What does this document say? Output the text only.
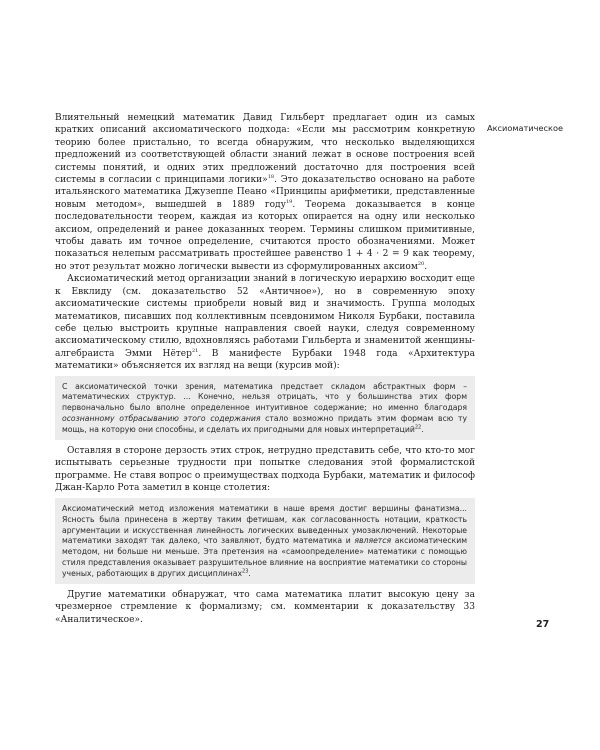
Аксиоматическое

Влиятельный немецкий математик Давид Гильберт предлагает один из самых кратких описаний аксиоматического подхода: «Если мы рассмотрим конкретную теорию более пристально, то всегда обнаружим, что несколько выделяющихся предложений из соответствующей области знаний лежат в основе построения всей системы понятий, и одних этих предложений достаточно для построения всей системы в согласии с принципами логики»$^{18}$. Это доказательство основано на работе итальянского математика Джузеппе Пеано «Принципы арифметики, представленные новым методом», вышедшей в 1889 году$^{19}$. Теорема доказывается в конце последовательности теорем, каждая из которых опирается на одну или несколько аксиом, определений и ранее доказанных теорем. Термины слишком примитивные, чтобы давать им точное определение, считаются просто обозначениями. Может показаться нелепым рассматривать простейшее равенство 1 + 4 · 2 = 9 как теорему, но этот результат можно логически вывести из сформулированных аксиом$^{20}$.

Аксиоматический метод организации знаний в логическую иерархию восходит еще к Евклиду (см. доказательство 52 «Античное»), но в современную эпоху аксиоматические системы приобрели новый вид и значимость. Группа молодых математиков, писавших под коллективным псевдонимом Николя Бурбаки, поставила себе целью выстроить крупные направления своей науки, следуя современному аксиоматическому стилю, вдохновляясь работами Гильберта и знаменитой женщины-алгебраиста Эмми Нётер$^{21}$. В манифесте Бурбаки 1948 года «Архитектура математики» объясняется их взгляд на вещи (курсив мой):

С аксиоматической точки зрения, математика предстает складом абстрактных форм – математических структур. ... Конечно, нельзя отрицать, что у большинства этих форм первоначально было вполне определенное интуитивное содержание; но именно благодаря осознанному отбрасыванию этого содержания стало возможно придать этим формам всю ту мощь, на которую они способны, и сделать их пригодными для новых интерпретаций$^{22}$.

Оставляя в стороне дерзость этих строк, нетрудно представить себе, что кто-то мог испытывать серьезные трудности при попытке следования этой формалистской программе. Не ставя вопрос о преимуществах подхода Бурбаки, математик и философ Джан-Карло Рота заметил в конце столетия:

Аксиоматический метод изложения математики в наше время достиг вершины фанатизма... Ясность была принесена в жертву таким фетишам, как согласованность нотации, краткость аргументации и искусственная линейность логических выведенных умозаключений. Некоторые математики заходят так далеко, что заявляют, будто математика и является аксиоматическим методом, ни больше ни меньше. Эта претензия на «самоопределение» математики с помощью стиля представления оказывает разрушительное влияние на восприятие математики со стороны ученых, работающих в других дисциплинах$^{23}$.

Другие математики обнаружат, что сама математика платит высокую цену за чрезмерное стремление к формализму; см. комментарии к доказательству 33 «Аналитическое».	27
